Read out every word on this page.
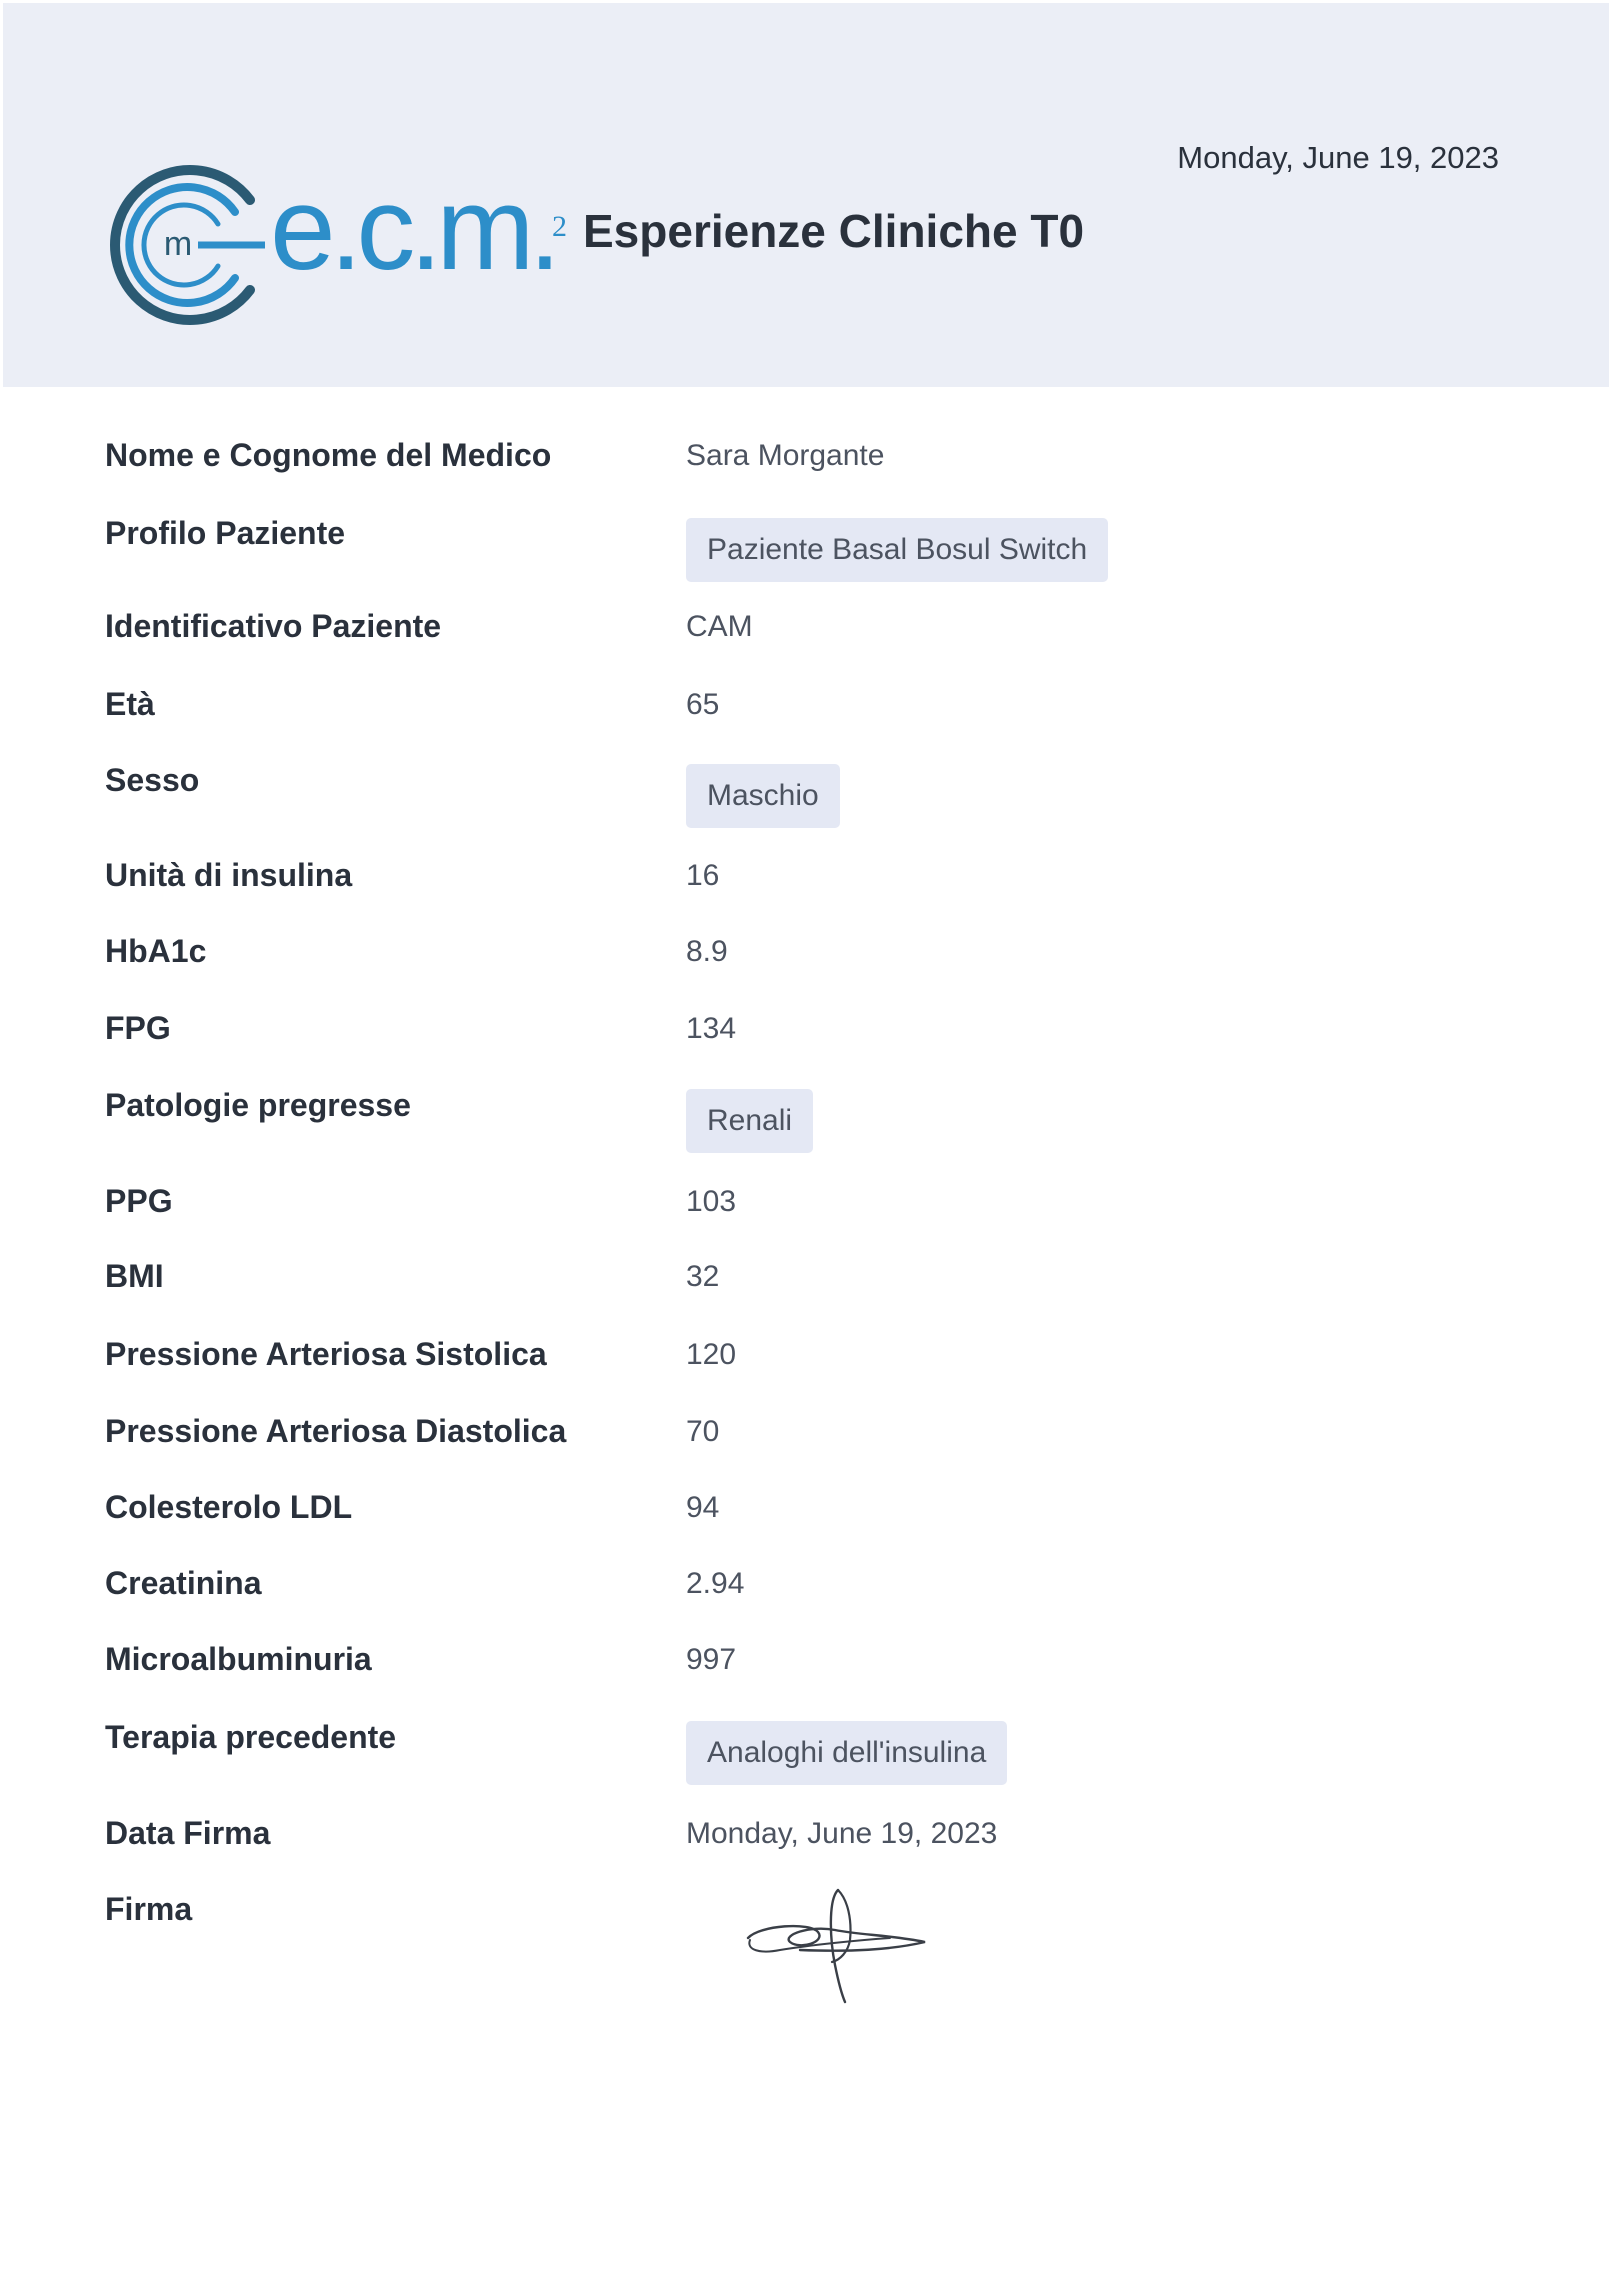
Monday, June 19, 2023
m e.c.m.
2 Esperienze Cliniche T0
Nome e Cognome del Medico	Sara Morgante
Profilo Paziente	Paziente Basal Bosul Switch
Identificativo Paziente	CAM
Età	65
Sesso	Maschio
Unità di insulina	16
HbA1c	8.9
FPG	134
Patologie pregresse	Renali
PPG	103
BMI	32
Pressione Arteriosa Sistolica	120
Pressione Arteriosa Diastolica	70
Colesterolo LDL	94
Creatinina	2.94
Microalbuminuria	997
Terapia precedente	Analoghi dell'insulina
Data Firma	Monday, June 19, 2023
Firma
